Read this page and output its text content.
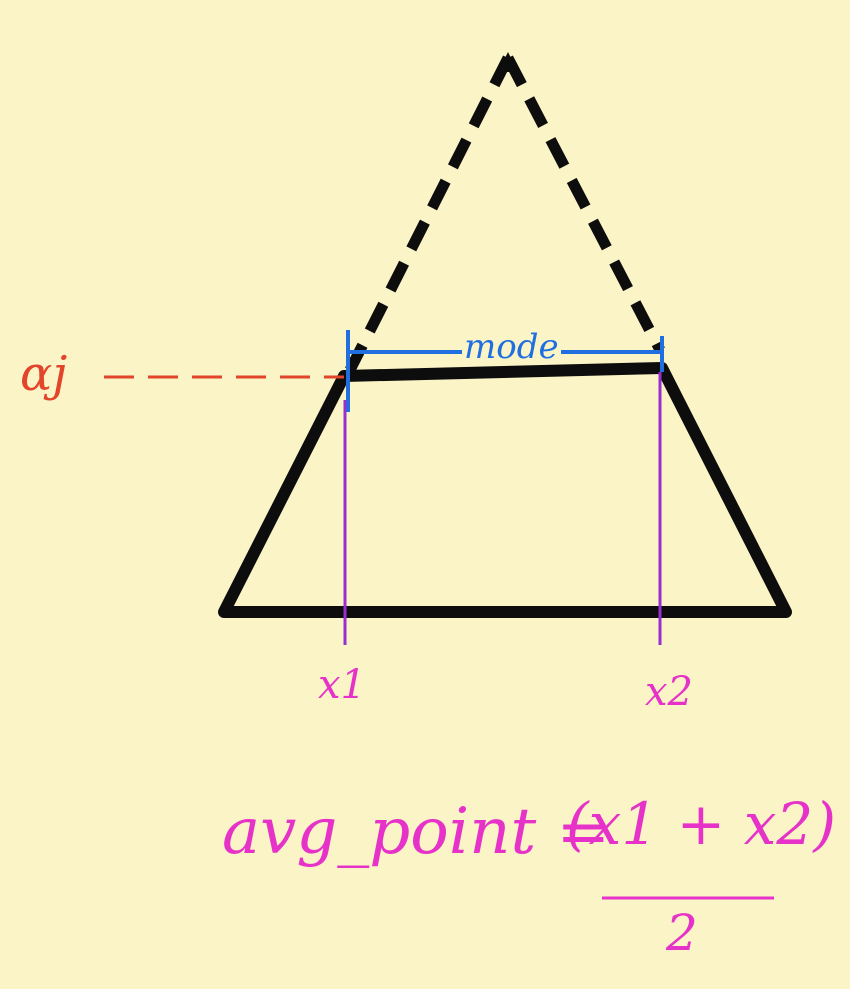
αj	mode
x1	x2
avg_point =
(x1 + x2)
2
